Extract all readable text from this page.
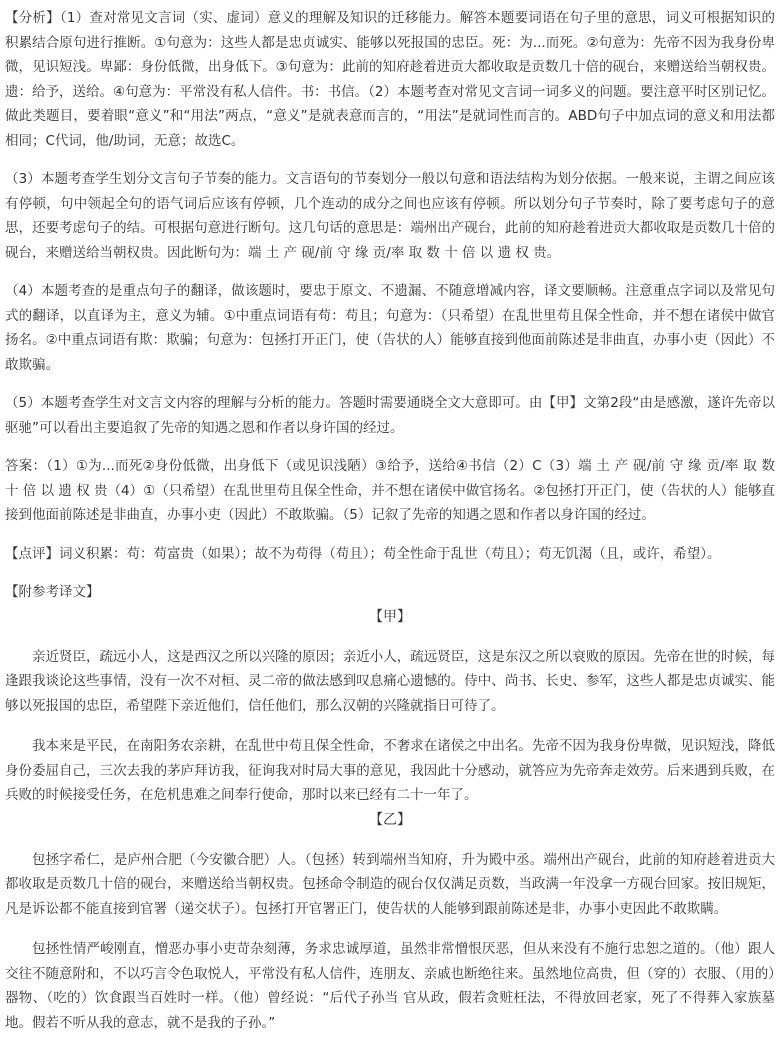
【分析】（1）查对常见文言词（实、虚词）意义的理解及知识的迁移能力。解答本题要词语在句子里的意思，词义可根据知识的积累结合原句进行推断。①句意为：这些人都是忠贞诚实、能够以死报国的忠臣。死：为...而死。②句意为：先帝不因为我身份卑微，见识短浅。卑鄙：身份低微，出身低下。③句意为：此前的知府趁着进贡大都收取是贡数几十倍的砚台，来赠送给当朝权贵。遗：给予，送给。④句意为：平常没有私人信件。书：书信。（2）本题考查对常见文言词一词多义的问题。要注意平时区别记忆。做此类题目，要着眼“意义”和“用法”两点，“意义”是就表意而言的，“用法”是就词性而言的。ABD句子中加点词的意义和用法都相同；C代词，他/助词，无意；故选C。

（3）本题考查学生划分文言句子节奏的能力。文言语句的节奏划分一般以句意和语法结构为划分依据。一般来说，主谓之间应该有停顿，句中领起全句的语气词后应该有停顿，几个连动的成分之间也应该有停顿。所以划分句子节奏时，除了要考虑句子的意思，还要考虑句子的结。可根据句意进行断句。这几句话的意思是：端州出产砚台，此前的知府趁着进贡大都收取是贡数几十倍的砚台，来赠送给当朝权贵。因此断句为：端 土 产 砚/前 守 缘 贡/率 取 数 十 倍 以 遗 权 贵。

（4）本题考查的是重点句子的翻译，做该题时，要忠于原文、不遗漏、不随意增减内容，译文要顺畅。注意重点字词以及常见句式的翻译，以直译为主，意义为辅。①中重点词语有苟：苟且；句意为：（只希望）在乱世里苟且保全性命，并不想在诸侯中做官扬名。②中重点词语有欺：欺骗；句意为：包拯打开正门，使（告状的人）能够直接到他面前陈述是非曲直，办事小吏（因此）不敢欺骗。

（5）本题考查学生对文言文内容的理解与分析的能力。答题时需要通晓全文大意即可。由【甲】文第2段“由是感激，遂许先帝以驱驰”可以看出主要追叙了先帝的知遇之恩和作者以身许国的经过。

答案：（1）①为...而死②身份低微，出身低下（或见识浅陋）③给予，送给④书信（2）C（3）端 土 产 砚/前 守 缘 贡/率 取 数 十 倍 以 遗 权 贵（4）①（只希望）在乱世里苟且保全性命，并不想在诸侯中做官扬名。②包拯打开正门，使（告状的人）能够直接到他面前陈述是非曲直，办事小吏（因此）不敢欺骗。（5）记叙了先帝的知遇之恩和作者以身许国的经过。

【点评】词义积累：苟：苟富贵（如果）；故不为苟得（苟且）；苟全性命于乱世（苟且）；苟无饥渴（且，或许，希望）。

【附参考译文】

【甲】

亲近贤臣，疏远小人，这是西汉之所以兴隆的原因；亲近小人，疏远贤臣，这是东汉之所以衰败的原因。先帝在世的时候，每逢跟我谈论这些事情，没有一次不对桓、灵二帝的做法感到叹息痛心遗憾的。侍中、尚书、长史、参军，这些人都是忠贞诚实、能够以死报国的忠臣，希望陛下亲近他们，信任他们，那么汉朝的兴隆就指日可待了。

我本来是平民，在南阳务农亲耕，在乱世中苟且保全性命，不奢求在诸侯之中出名。先帝不因为我身份卑微，见识短浅，降低身份委屈自己，三次去我的茅庐拜访我，征询我对时局大事的意见，我因此十分感动，就答应为先帝奔走效劳。后来遇到兵败，在兵败的时候接受任务，在危机患难之间奉行使命，那时以来已经有二十一年了。

【乙】

包拯字希仁，是庐州合肥（今安徽合肥）人。（包拯）转到端州当知府，升为殿中丞。端州出产砚台，此前的知府趁着进贡大都收取是贡数几十倍的砚台，来赠送给当朝权贵。包拯命令制造的砚台仅仅满足贡数，当政满一年没拿一方砚台回家。按旧规矩，凡是诉讼都不能直接到官署（递交状子）。包拯打开官署正门，使告状的人能够到跟前陈述是非，办事小吏因此不敢欺瞒。

包拯性情严峻刚直，憎恶办事小吏苛杂刻薄，务求忠诚厚道，虽然非常憎恨厌恶，但从来没有不施行忠恕之道的。（他）跟人交往不随意附和，不以巧言令色取悦人，平常没有私人信件，连朋友、亲戚也断绝往来。虽然地位高贵，但（穿的）衣服、（用的）器物、（吃的）饮食跟当百姓时一样。（他）曾经说：“后代子孙当 官从政，假若贪赃枉法，不得放回老家，死了不得葬入家族墓地。假若不听从我的意志，就不是我的子孙。”
